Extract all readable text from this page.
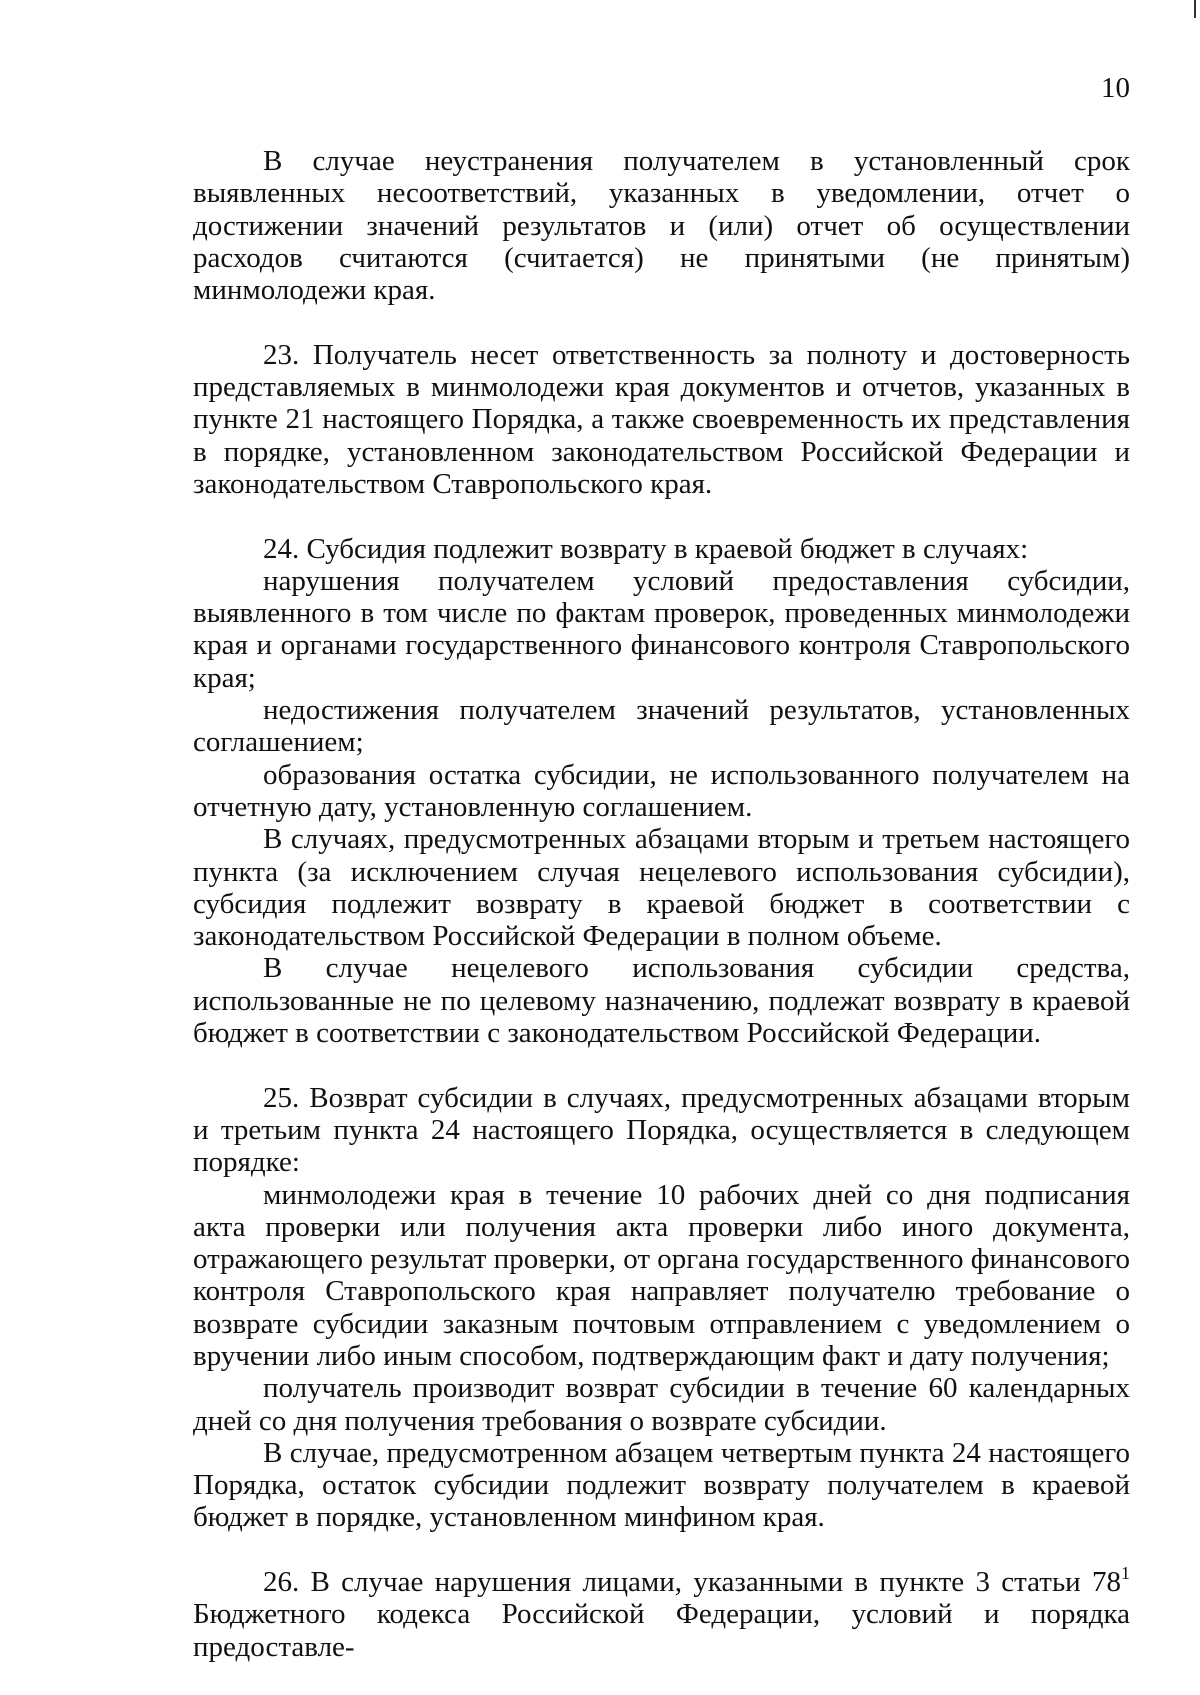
10

В случае неустранения получателем в установленный срок выявленных несоответствий, указанных в уведомлении, отчет о достижении значений результатов и (или) отчет об осуществлении расходов считаются (считается) не принятыми (не принятым) минмолодежи края.

23. Получатель несет ответственность за полноту и достоверность представляемых в минмолодежи края документов и отчетов, указанных в пункте 21 настоящего Порядка, а также своевременность их представления в порядке, установленном законодательством Российской Федерации и законодательством Ставропольского края.

24. Субсидия подлежит возврату в краевой бюджет в случаях:

нарушения получателем условий предоставления субсидии, выявленного в том числе по фактам проверок, проведенных минмолодежи края и органами государственного финансового контроля Ставропольского края;

недостижения получателем значений результатов, установленных соглашением;

образования остатка субсидии, не использованного получателем на отчетную дату, установленную соглашением.

В случаях, предусмотренных абзацами вторым и третьем настоящего пункта (за исключением случая нецелевого использования субсидии), субсидия подлежит возврату в краевой бюджет в соответствии с законодательством Российской Федерации в полном объеме.

В случае нецелевого использования субсидии средства, использованные не по целевому назначению, подлежат возврату в краевой бюджет в соответствии с законодательством Российской Федерации.

25. Возврат субсидии в случаях, предусмотренных абзацами вторым и третьим пункта 24 настоящего Порядка, осуществляется в следующем порядке:

минмолодежи края в течение 10 рабочих дней со дня подписания акта проверки или получения акта проверки либо иного документа, отражающего результат проверки, от органа государственного финансового контроля Ставропольского края направляет получателю требование о возврате субсидии заказным почтовым отправлением с уведомлением о вручении либо иным способом, подтверждающим факт и дату получения;

получатель производит возврат субсидии в течение 60 календарных дней со дня получения требования о возврате субсидии.

В случае, предусмотренном абзацем четвертым пункта 24 настоящего Порядка, остаток субсидии подлежит возврату получателем в краевой бюджет в порядке, установленном минфином края.

26. В случае нарушения лицами, указанными в пункте 3 статьи $78^1$ Бюджетного кодекса Российской Федерации, условий и порядка предоставле-
